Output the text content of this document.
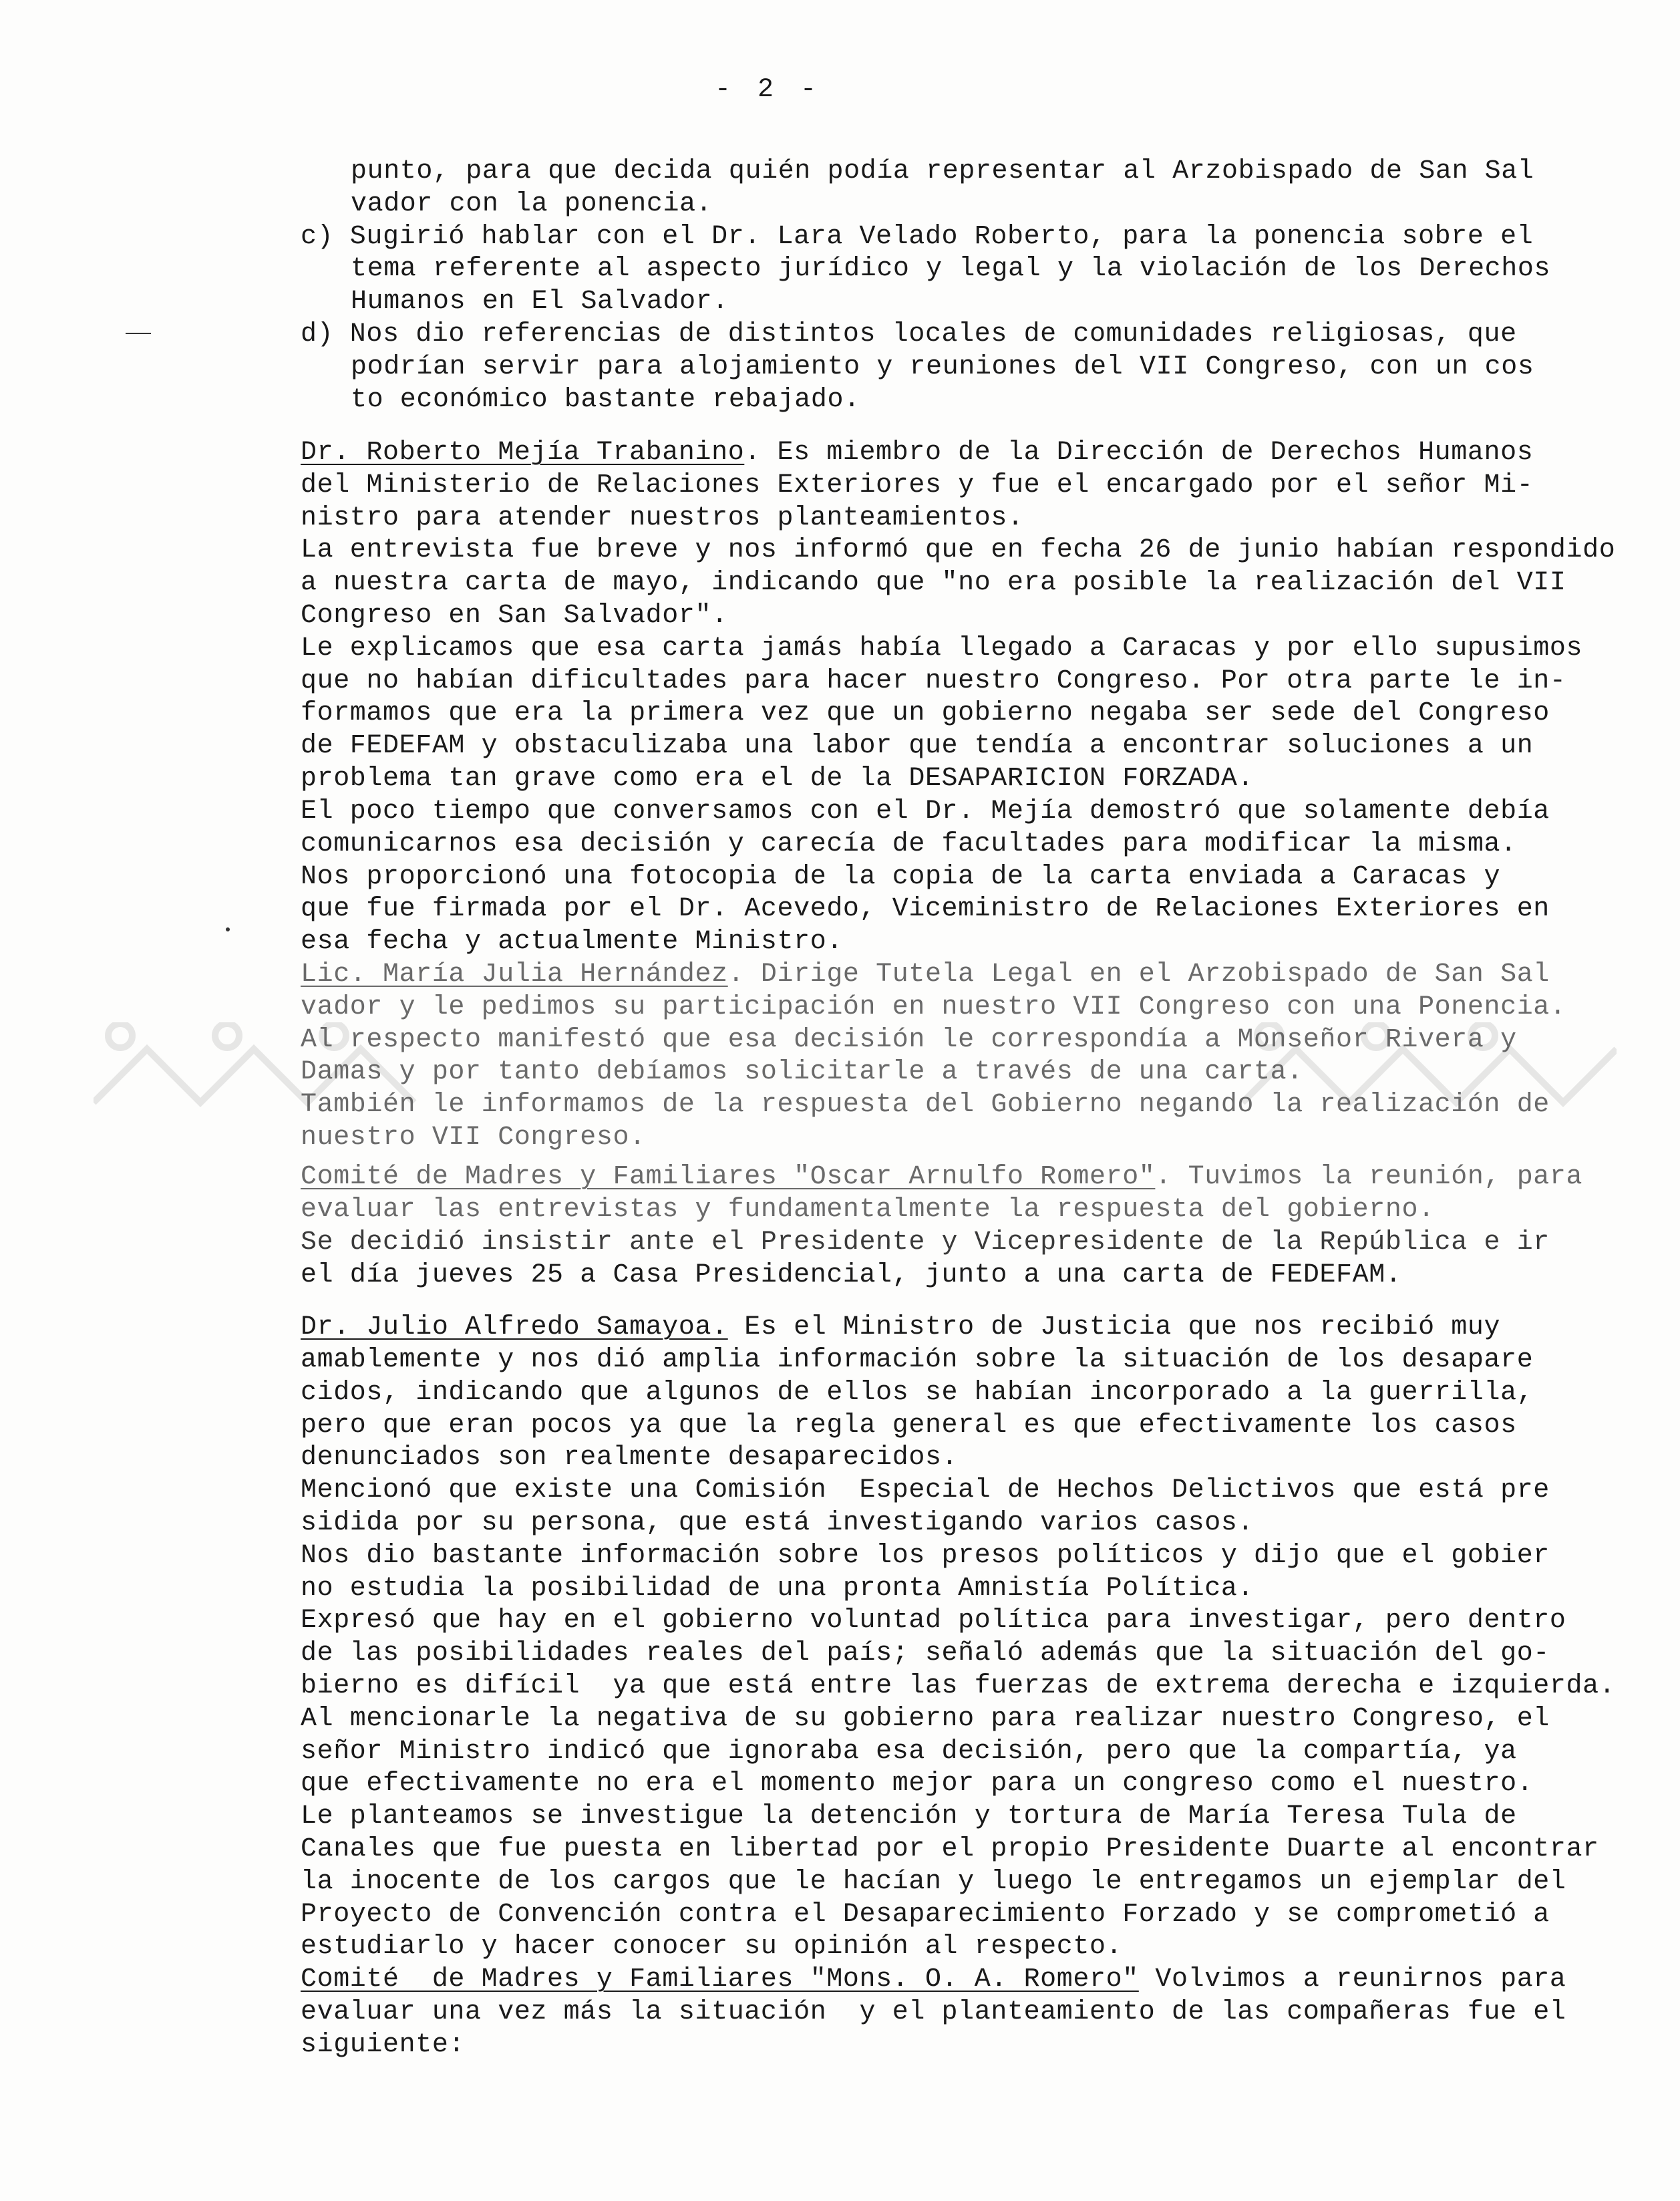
- 2 -
punto, para que decida quién podía representar al Arzobispado de San Sal
vador con la ponencia.
c) Sugirió hablar con el Dr. Lara Velado Roberto, para la ponencia sobre el
tema referente al aspecto jurídico y legal y la violación de los Derechos
Humanos en El Salvador.
d) Nos dio referencias de distintos locales de comunidades religiosas, que
podrían servir para alojamiento y reuniones del VII Congreso, con un cos
to económico bastante rebajado.
Dr. Roberto Mejía Trabanino. Es miembro de la Dirección de Derechos Humanos
del Ministerio de Relaciones Exteriores y fue el encargado por el señor Mi-
nistro para atender nuestros planteamientos.
La entrevista fue breve y nos informó que en fecha 26 de junio habían respondido
a nuestra carta de mayo, indicando que "no era posible la realización del VII
Congreso en San Salvador".
Le explicamos que esa carta jamás había llegado a Caracas y por ello supusimos
que no habían dificultades para hacer nuestro Congreso. Por otra parte le in-
formamos que era la primera vez que un gobierno negaba ser sede del Congreso
de FEDEFAM y obstaculizaba una labor que tendía a encontrar soluciones a un
problema tan grave como era el de la DESAPARICION FORZADA.
El poco tiempo que conversamos con el Dr. Mejía demostró que solamente debía
comunicarnos esa decisión y carecía de facultades para modificar la misma.
Nos proporcionó una fotocopia de la copia de la carta enviada a Caracas y
que fue firmada por el Dr. Acevedo, Viceministro de Relaciones Exteriores en
esa fecha y actualmente Ministro.
Lic. María Julia Hernández. Dirige Tutela Legal en el Arzobispado de San Sal
vador y le pedimos su participación en nuestro VII Congreso con una Ponencia.
Al respecto manifestó que esa decisión le correspondía a Monseñor Rivera y
Damas y por tanto debíamos solicitarle a través de una carta.
También le informamos de la respuesta del Gobierno negando la realización de
nuestro VII Congreso.
Comité de Madres y Familiares "Oscar Arnulfo Romero". Tuvimos la reunión, para
evaluar las entrevistas y fundamentalmente la respuesta del gobierno.
Se decidió insistir ante el Presidente y Vicepresidente de la República e ir
el día jueves 25 a Casa Presidencial, junto a una carta de FEDEFAM.
Dr. Julio Alfredo Samayoa. Es el Ministro de Justicia que nos recibió muy
amablemente y nos dió amplia información sobre la situación de los desapare
cidos, indicando que algunos de ellos se habían incorporado a la guerrilla,
pero que eran pocos ya que la regla general es que efectivamente los casos
denunciados son realmente desaparecidos.
Mencionó que existe una Comisión  Especial de Hechos Delictivos que está pre
sidida por su persona, que está investigando varios casos.
Nos dio bastante información sobre los presos políticos y dijo que el gobier
no estudia la posibilidad de una pronta Amnistía Política.
Expresó que hay en el gobierno voluntad política para investigar, pero dentro
de las posibilidades reales del país; señaló además que la situación del go-
bierno es difícil  ya que está entre las fuerzas de extrema derecha e izquierda.
Al mencionarle la negativa de su gobierno para realizar nuestro Congreso, el
señor Ministro indicó que ignoraba esa decisión, pero que la compartía, ya
que efectivamente no era el momento mejor para un congreso como el nuestro.
Le planteamos se investigue la detención y tortura de María Teresa Tula de
Canales que fue puesta en libertad por el propio Presidente Duarte al encontrar
la inocente de los cargos que le hacían y luego le entregamos un ejemplar del
Proyecto de Convención contra el Desaparecimiento Forzado y se comprometió a
estudiarlo y hacer conocer su opinión al respecto.
Comité  de Madres y Familiares "Mons. O. A. Romero" Volvimos a reunirnos para
evaluar una vez más la situación  y el planteamiento de las compañeras fue el
siguiente:
